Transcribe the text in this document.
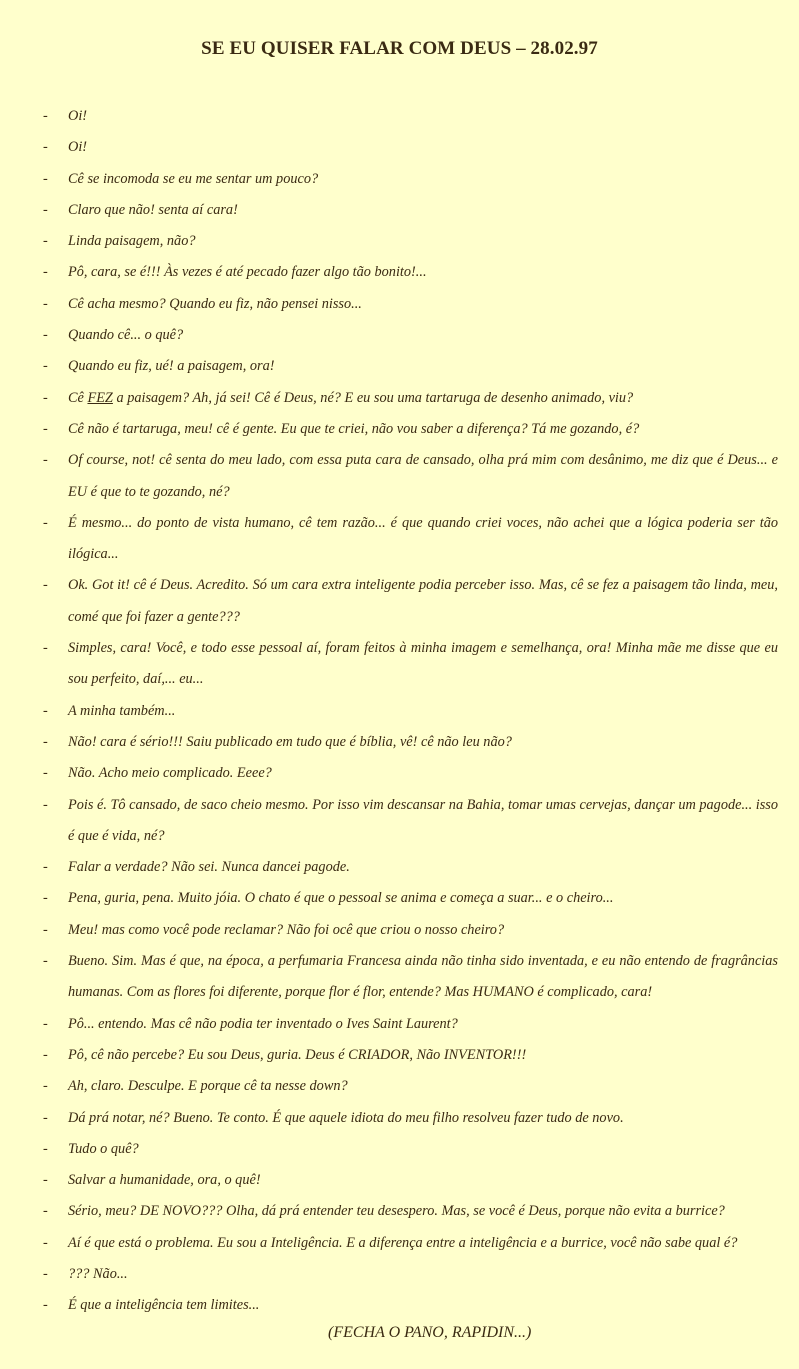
SE EU QUISER FALAR COM DEUS – 28.02.97
- Oi!
- Oi!
- Cê se incomoda se eu me sentar um pouco?
- Claro que não! senta aí cara!
- Linda paisagem, não?
- Pô, cara, se é!!! Às vezes é até pecado fazer algo tão bonito!...
- Cê acha mesmo? Quando eu fiz, não pensei nisso...
- Quando cê... o quê?
- Quando eu fiz, ué! a paisagem, ora!
- Cê FEZ a paisagem? Ah, já sei! Cê é Deus, né? E eu sou uma tartaruga de desenho animado, viu?
- Cê não é tartaruga, meu! cê é gente. Eu que te criei, não vou saber a diferença? Tá me gozando, é?
- Of course, not! cê senta do meu lado, com essa puta cara de cansado, olha prá mim com desânimo, me diz que é Deus... e EU é que to te gozando, né?
- É mesmo... do ponto de vista humano, cê tem razão... é que quando criei voces, não achei que a lógica poderia ser tão ilógica...
- Ok. Got it! cê é Deus. Acredito. Só um cara extra inteligente podia perceber isso. Mas, cê se fez a paisagem tão linda, meu, comé que foi fazer a gente???
- Simples, cara! Você, e todo esse pessoal aí, foram feitos à minha imagem e semelhança, ora! Minha mãe me disse que eu sou perfeito, daí,... eu...
- A minha também...
- Não! cara é sério!!! Saiu publicado em tudo que é bíblia, vê! cê não leu não?
- Não. Acho meio complicado. Eeee?
- Pois é. Tô cansado, de saco cheio mesmo. Por isso vim descansar na Bahia, tomar umas cervejas, dançar um pagode... isso é que é vida, né?
- Falar a verdade? Não sei. Nunca dancei pagode.
- Pena, guria, pena. Muito jóia. O chato é que o pessoal se anima e começa a suar... e o cheiro...
- Meu! mas como você pode reclamar? Não foi ocê que criou o nosso cheiro?
- Bueno. Sim. Mas é que, na época, a perfumaria Francesa ainda não tinha sido inventada, e eu não entendo de fragrâncias humanas. Com as flores foi diferente, porque flor é flor, entende? Mas HUMANO é complicado, cara!
- Pô... entendo. Mas cê não podia ter inventado o Ives Saint Laurent?
- Pô, cê não percebe? Eu sou Deus, guria. Deus é CRIADOR, Não INVENTOR!!!
- Ah, claro. Desculpe. E porque cê ta nesse down?
- Dá prá notar, né? Bueno. Te conto. É que aquele idiota do meu filho resolveu fazer tudo de novo.
- Tudo o quê?
- Salvar a humanidade, ora, o quê!
- Sério, meu? DE NOVO??? Olha, dá prá entender teu desespero. Mas, se você é Deus, porque não evita a burrice?
- Aí é que está o problema. Eu sou a Inteligência. E a diferença entre a inteligência e a burrice, você não sabe qual é?
- ??? Não...
- É que a inteligência tem limites...
(FECHA O PANO, RAPIDIN...)
